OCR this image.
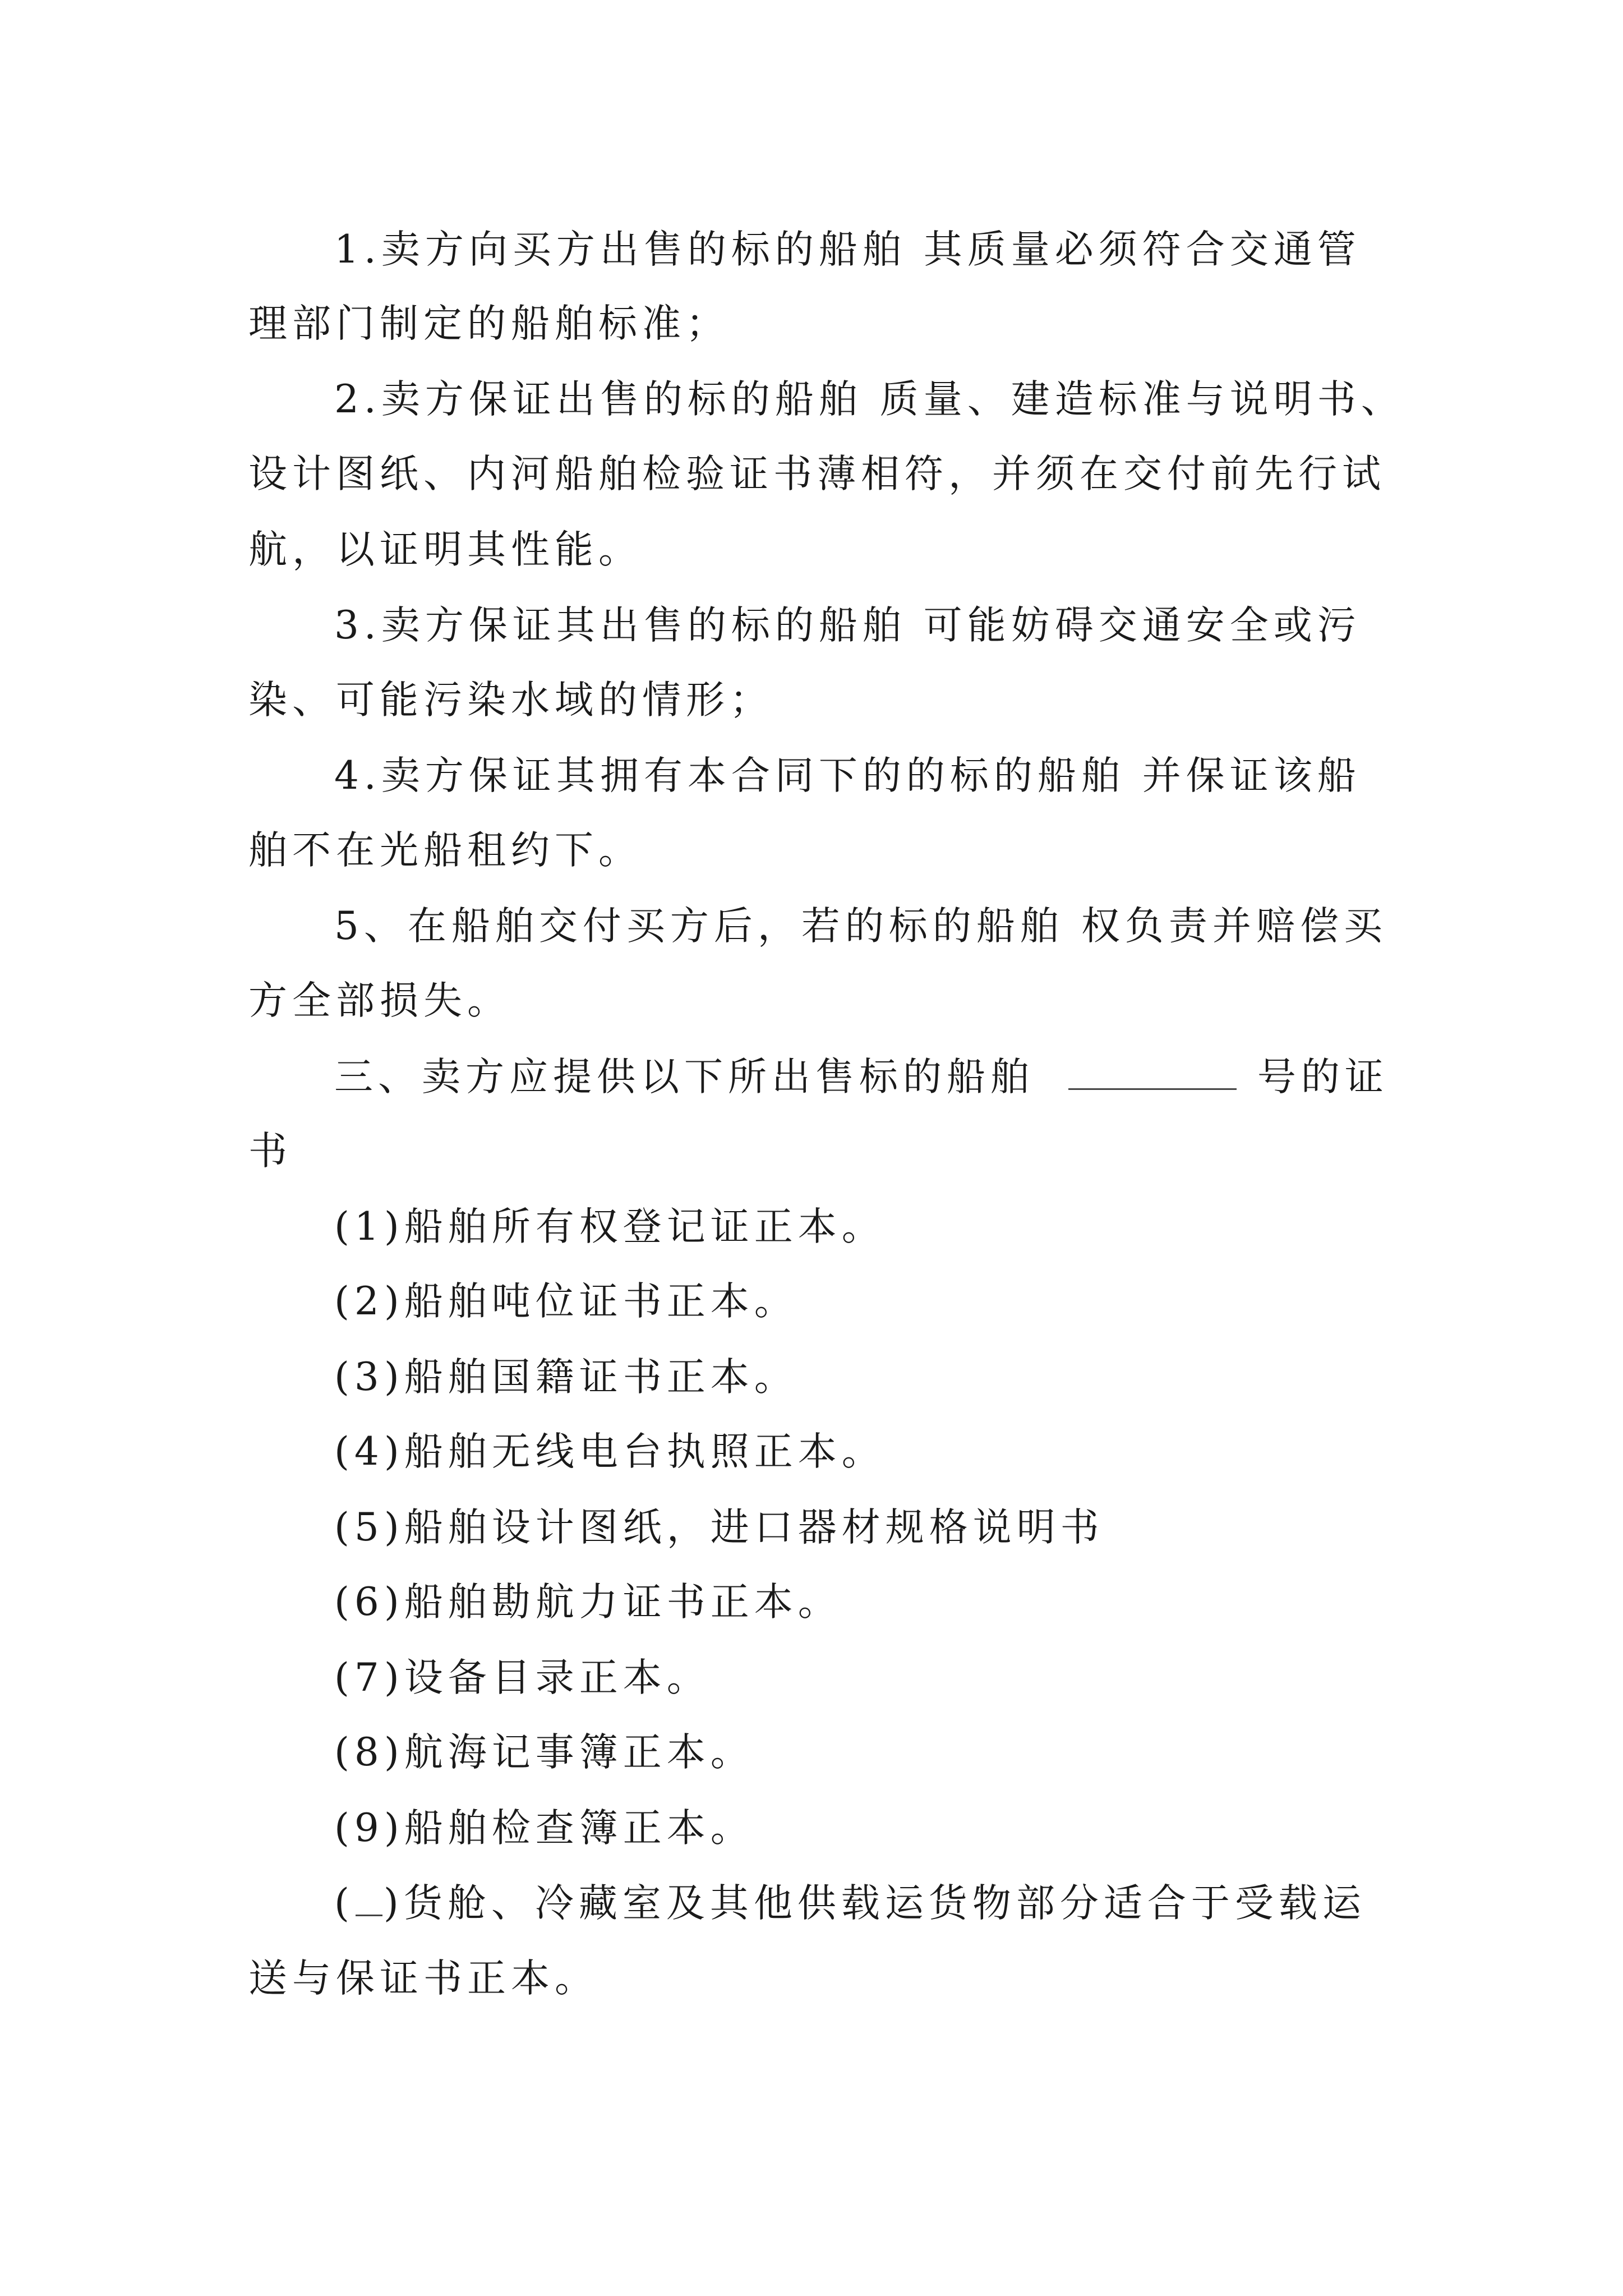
1.卖方向买方出售的标的船舶 其质量必须符合交通管
理部门制定的船舶标准；
2.卖方保证出售的标的船舶 质量、建造标准与说明书、
设计图纸、内河船舶检验证书薄相符，并须在交付前先行试
航，以证明其性能。
3.卖方保证其出售的标的船舶 可能妨碍交通安全或污
染、可能污染水域的情形；
4.卖方保证其拥有本合同下的的标的船舶 并保证该船
舶不在光船租约下。
5、在船舶交付买方后，若的标的船舶 权负责并赔偿买
方全部损失。
三、卖方应提供以下所出售标的船舶	号的证
书
(1)船舶所有权登记证正本。
(2)船舶吨位证书正本。
(3)船舶国籍证书正本。
(4)船舶无线电台执照正本。
(5)船舶设计图纸，进口器材规格说明书
(6)船舶勘航力证书正本。
(7)设备目录正本。
(8)航海记事簿正本。
(9)船舶检查簿正本。
( )货舱、冷藏室及其他供载运货物部分适合于受载运
送与保证书正本。
